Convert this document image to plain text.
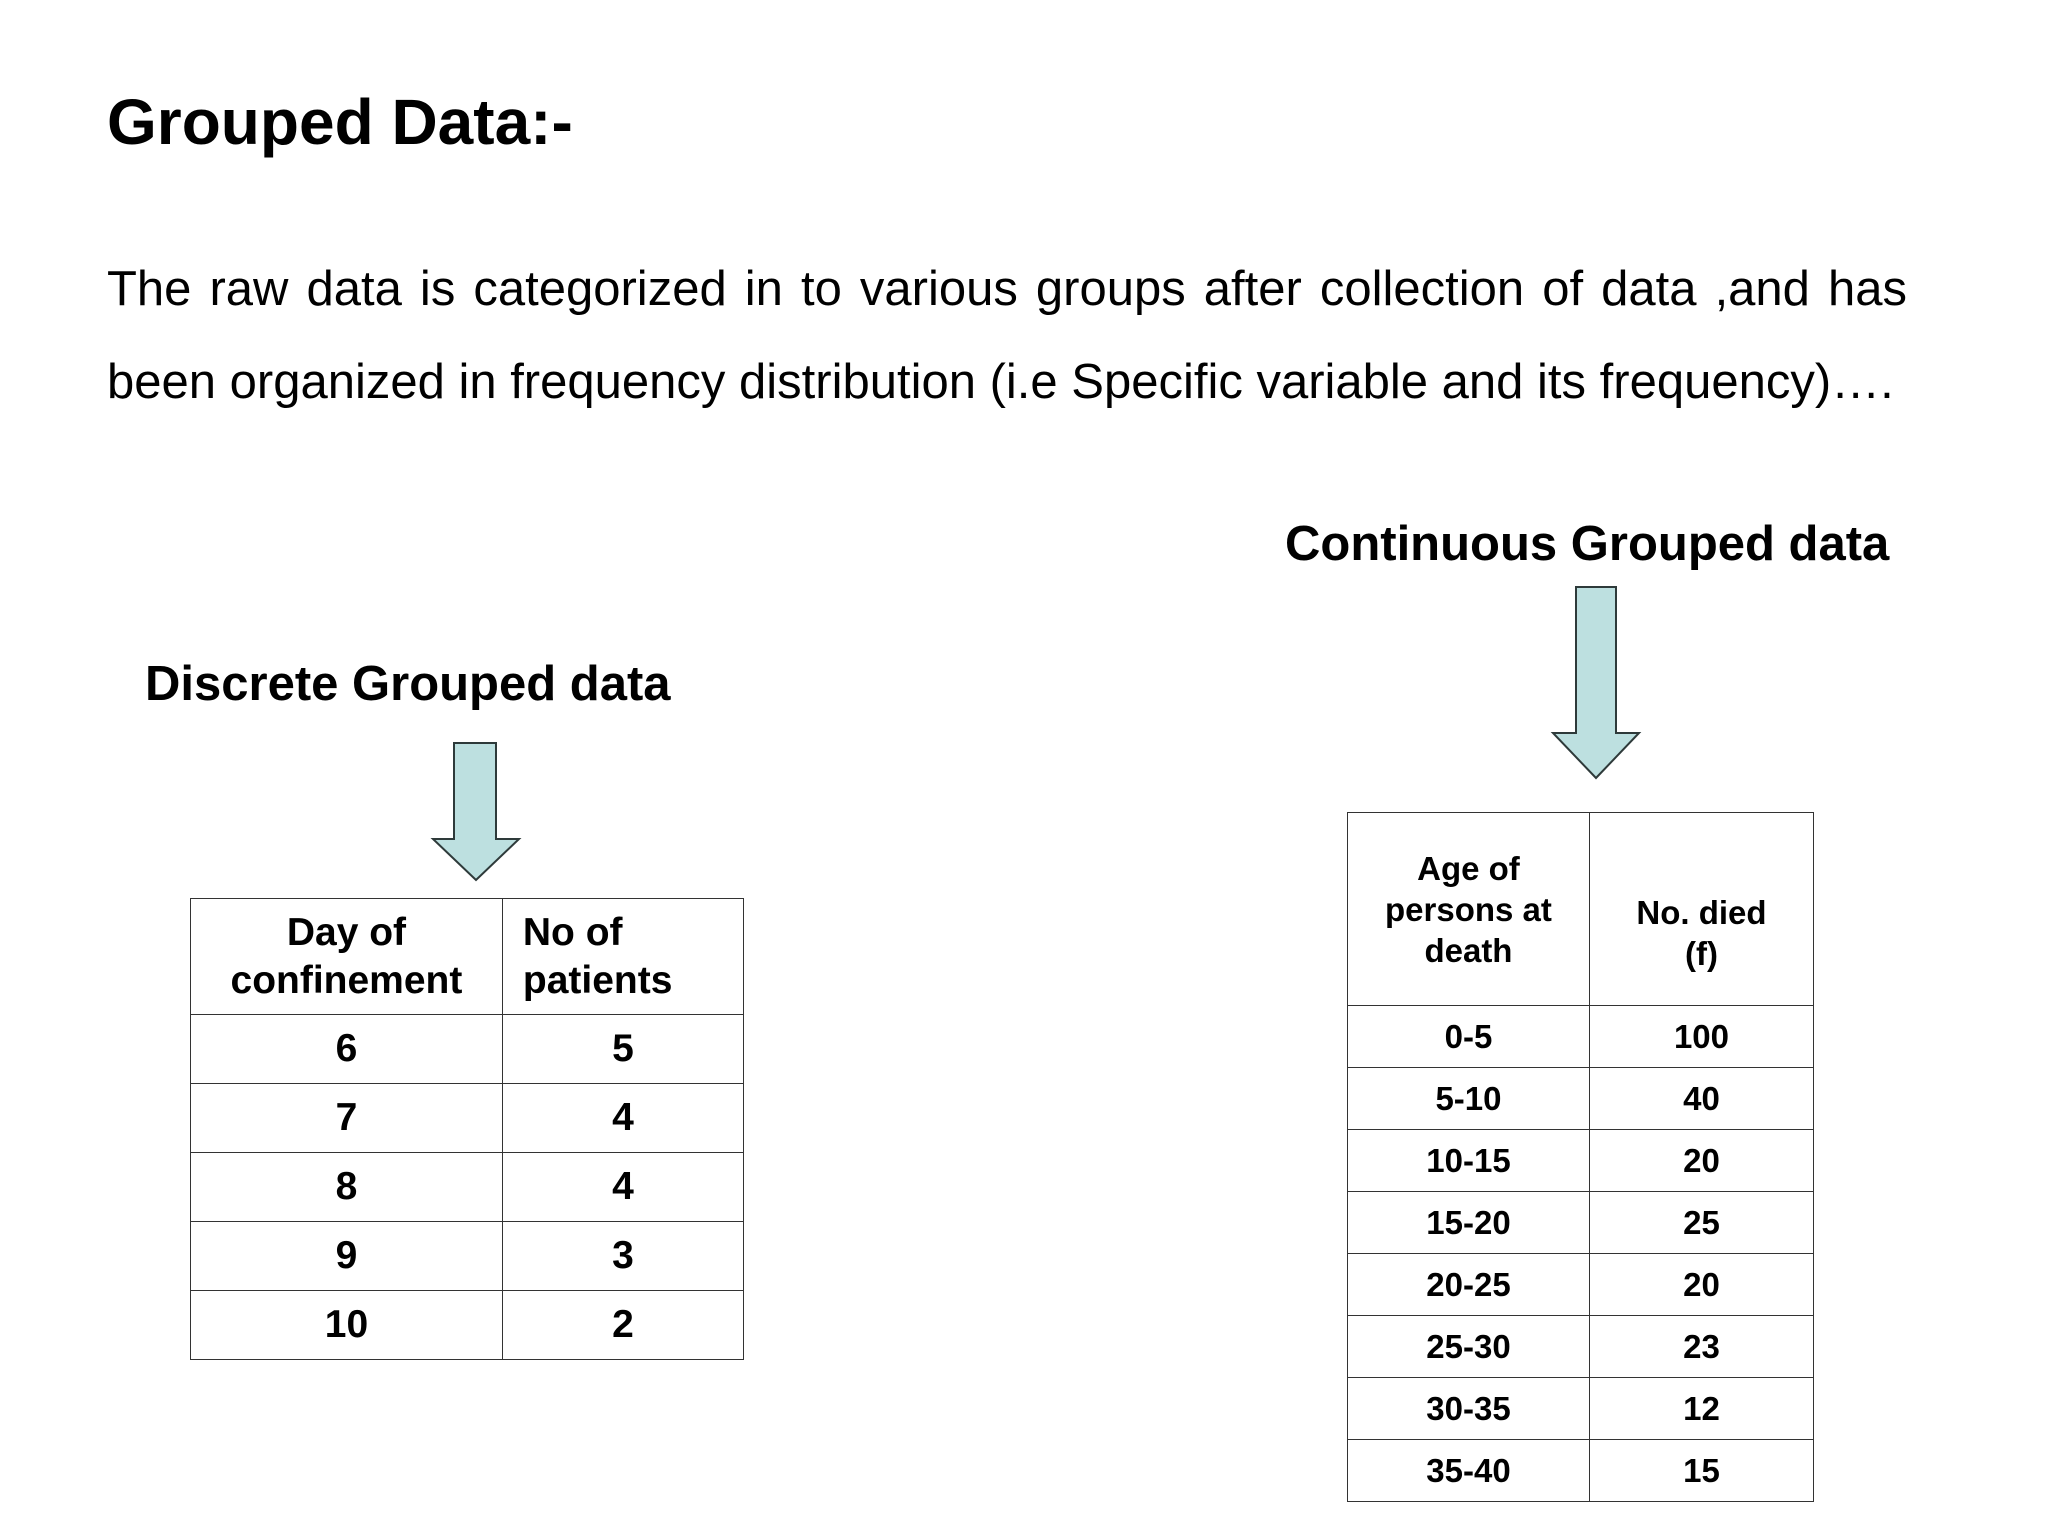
Grouped Data:-

The raw data is categorized in to various groups after collection of data ,and has been organized in frequency distribution (i.e Specific variable and its frequency)….

Continuous Grouped data
Discrete Grouped data
Day of confinement	No of patients
6	5
7	4
8	4
9	3
10	2
Age of persons at death	No. died (f)
0-5	100
5-10	40
10-15	20
15-20	25
20-25	20
25-30	23
30-35	12
35-40	15
